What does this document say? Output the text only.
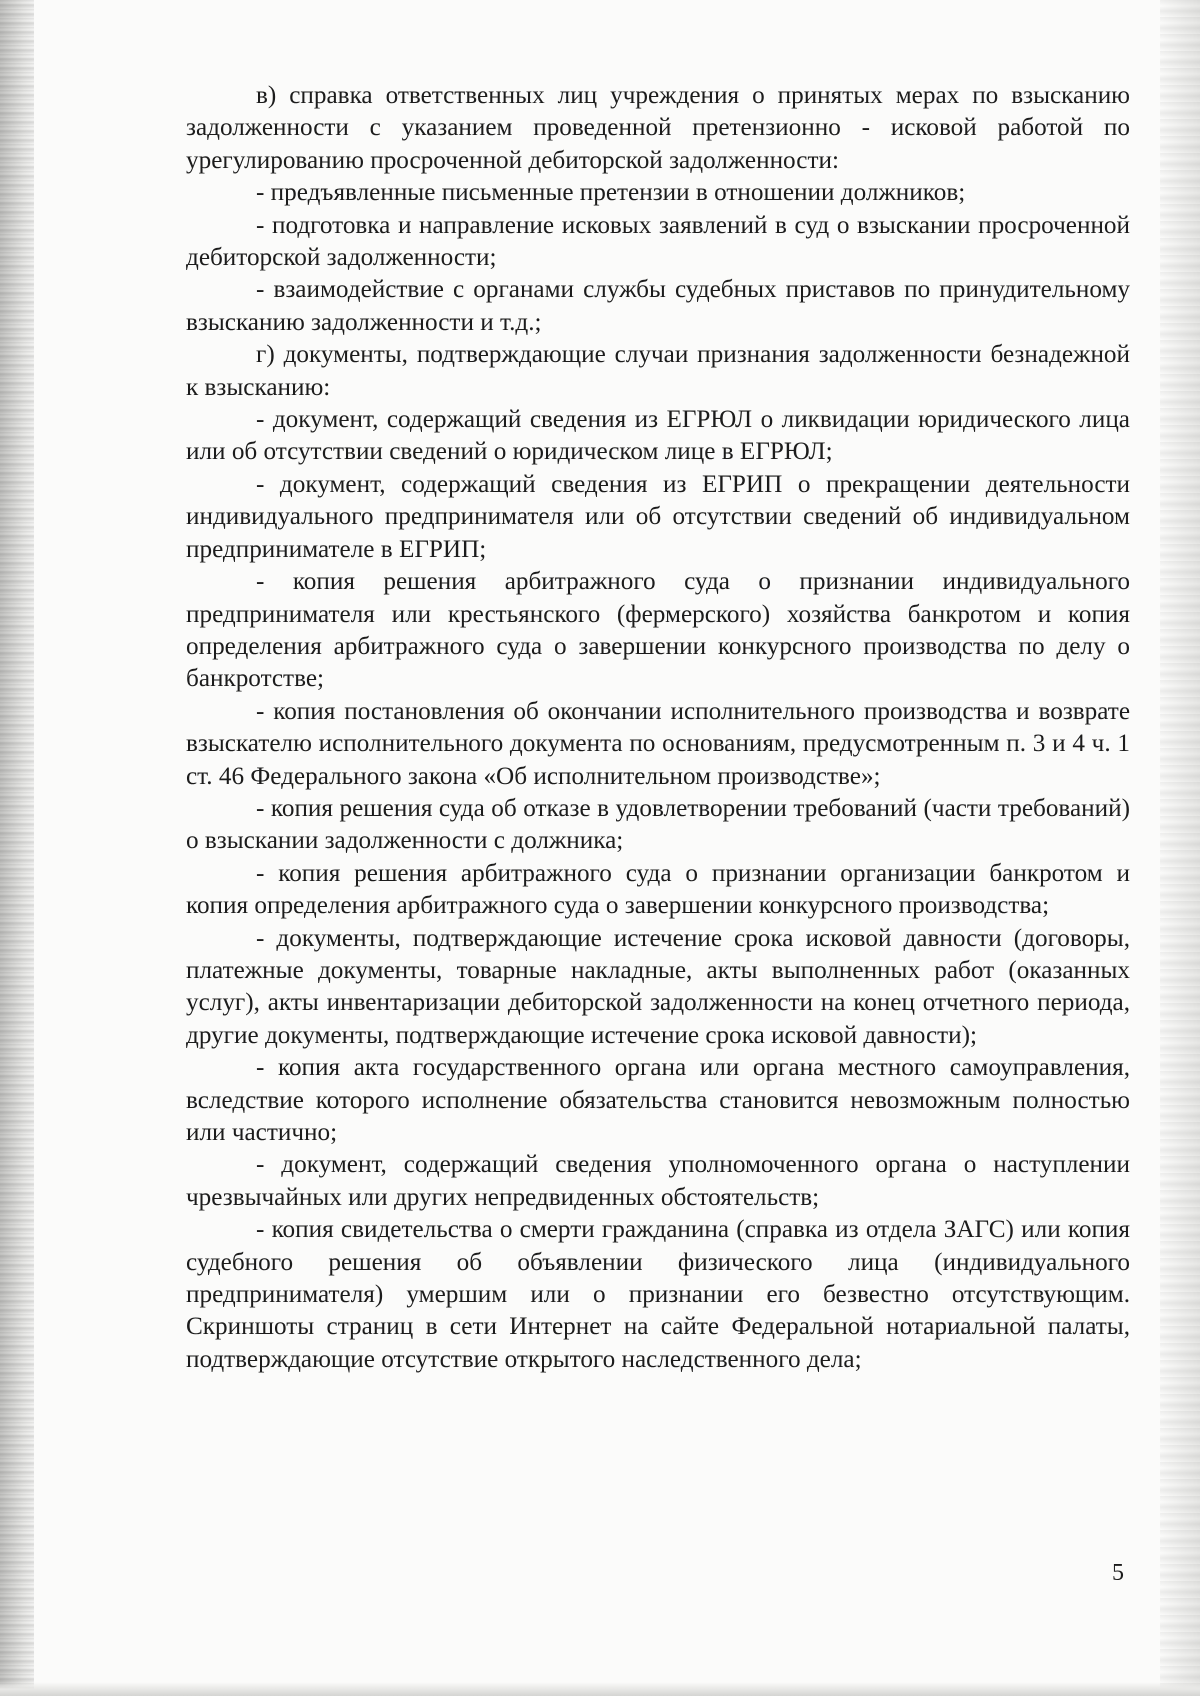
в) справка ответственных лиц учреждения о принятых мерах по взысканию задолженности с указанием проведенной претензионно - исковой работой по урегулированию просроченной дебиторской задолженности:

- предъявленные письменные претензии в отношении должников;

- подготовка и направление исковых заявлений в суд о взыскании просроченной дебиторской задолженности;

- взаимодействие с органами службы судебных приставов по принудительному взысканию задолженности и т.д.;

г) документы, подтверждающие случаи признания задолженности безнадежной к взысканию:

- документ, содержащий сведения из ЕГРЮЛ о ликвидации юридического лица или об отсутствии сведений о юридическом лице в ЕГРЮЛ;

- документ, содержащий сведения из ЕГРИП о прекращении деятельности индивидуального предпринимателя или об отсутствии сведений об индивидуальном предпринимателе в ЕГРИП;

- копия решения арбитражного суда о признании индивидуального предпринимателя или крестьянского (фермерского) хозяйства банкротом и копия определения арбитражного суда о завершении конкурсного производства по делу о банкротстве;

- копия постановления об окончании исполнительного производства и возврате взыскателю исполнительного документа по основаниям, предусмотренным п. 3 и 4 ч. 1 ст. 46 Федерального закона «Об исполнительном производстве»;

- копия решения суда об отказе в удовлетворении требований (части требований) о взыскании задолженности с должника;

- копия решения арбитражного суда о признании организации банкротом и копия определения арбитражного суда о завершении конкурсного производства;

- документы, подтверждающие истечение срока исковой давности (договоры, платежные документы, товарные накладные, акты выполненных работ (оказанных услуг), акты инвентаризации дебиторской задолженности на конец отчетного периода, другие документы, подтверждающие истечение срока исковой давности);

- копия акта государственного органа или органа местного самоуправления, вследствие которого исполнение обязательства становится невозможным полностью или частично;

- документ, содержащий сведения уполномоченного органа о наступлении чрезвычайных или других непредвиденных обстоятельств;

- копия свидетельства о смерти гражданина (справка из отдела ЗАГС) или копия судебного решения об объявлении физического лица (индивидуального предпринимателя) умершим или о признании его безвестно отсутствующим. Скриншоты страниц в сети Интернет на сайте Федеральной нотариальной палаты, подтверждающие отсутствие открытого наследственного дела;

5
